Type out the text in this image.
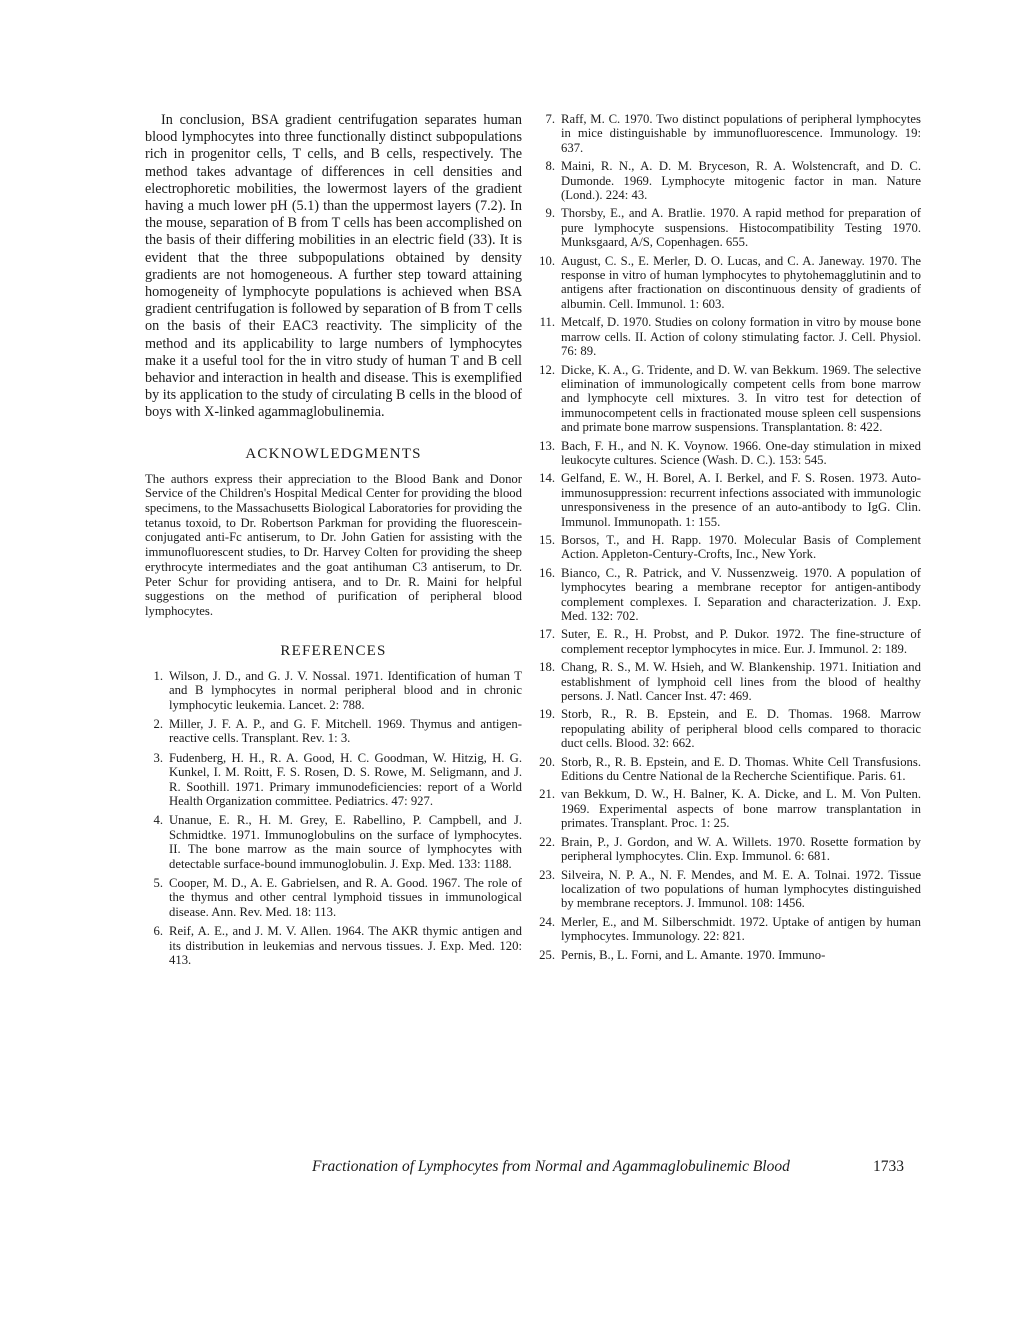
In conclusion, BSA gradient centrifugation separates human blood lymphocytes into three functionally distinct subpopulations rich in progenitor cells, T cells, and B cells, respectively. The method takes advantage of differences in cell densities and electrophoretic mobilities, the lowermost layers of the gradient having a much lower pH (5.1) than the uppermost layers (7.2). In the mouse, separation of B from T cells has been accomplished on the basis of their differing mobilities in an electric field (33). It is evident that the three subpopulations obtained by density gradients are not homogeneous. A further step toward attaining homogeneity of lymphocyte populations is achieved when BSA gradient centrifugation is followed by separation of B from T cells on the basis of their EAC3 reactivity. The simplicity of the method and its applicability to large numbers of lymphocytes make it a useful tool for the in vitro study of human T and B cell behavior and interaction in health and disease. This is exemplified by its application to the study of circulating B cells in the blood of boys with X-linked agammaglobulinemia.

ACKNOWLEDGMENTS

The authors express their appreciation to the Blood Bank and Donor Service of the Children's Hospital Medical Center for providing the blood specimens, to the Massachusetts Biological Laboratories for providing the tetanus toxoid, to Dr. Robertson Parkman for providing the fluorescein-conjugated anti-Fc antiserum, to Dr. John Gatien for assisting with the immunofluorescent studies, to Dr. Harvey Colten for providing the sheep erythrocyte intermediates and the goat antihuman C3 antiserum, to Dr. Peter Schur for providing antisera, and to Dr. R. Maini for helpful suggestions on the method of purification of peripheral blood lymphocytes.

REFERENCES
1. Wilson, J. D., and G. J. V. Nossal. 1971. Identification of human T and B lymphocytes in normal peripheral blood and in chronic lymphocytic leukemia. Lancet. 2: 788.
2. Miller, J. F. A. P., and G. F. Mitchell. 1969. Thymus and antigen-reactive cells. Transplant. Rev. 1: 3.
3. Fudenberg, H. H., R. A. Good, H. C. Goodman, W. Hitzig, H. G. Kunkel, I. M. Roitt, F. S. Rosen, D. S. Rowe, M. Seligmann, and J. R. Soothill. 1971. Primary immunodeficiencies: report of a World Health Organization committee. Pediatrics. 47: 927.
4. Unanue, E. R., H. M. Grey, E. Rabellino, P. Campbell, and J. Schmidtke. 1971. Immunoglobulins on the surface of lymphocytes. II. The bone marrow as the main source of lymphocytes with detectable surface-bound immunoglobulin. J. Exp. Med. 133: 1188.
5. Cooper, M. D., A. E. Gabrielsen, and R. A. Good. 1967. The role of the thymus and other central lymphoid tissues in immunological disease. Ann. Rev. Med. 18: 113.
6. Reif, A. E., and J. M. V. Allen. 1964. The AKR thymic antigen and its distribution in leukemias and nervous tissues. J. Exp. Med. 120: 413.
7. Raff, M. C. 1970. Two distinct populations of peripheral lymphocytes in mice distinguishable by immunofluorescence. Immunology. 19: 637.
8. Maini, R. N., A. D. M. Bryceson, R. A. Wolstencraft, and D. C. Dumonde. 1969. Lymphocyte mitogenic factor in man. Nature (Lond.). 224: 43.
9. Thorsby, E., and A. Bratlie. 1970. A rapid method for preparation of pure lymphocyte suspensions. Histocompatibility Testing 1970. Munksgaard, A/S, Copenhagen. 655.
10. August, C. S., E. Merler, D. O. Lucas, and C. A. Janeway. 1970. The response in vitro of human lymphocytes to phytohemagglutinin and to antigens after fractionation on discontinuous density of gradients of albumin. Cell. Immunol. 1: 603.
11. Metcalf, D. 1970. Studies on colony formation in vitro by mouse bone marrow cells. II. Action of colony stimulating factor. J. Cell. Physiol. 76: 89.
12. Dicke, K. A., G. Tridente, and D. W. van Bekkum. 1969. The selective elimination of immunologically competent cells from bone marrow and lymphocyte cell mixtures. 3. In vitro test for detection of immunocompetent cells in fractionated mouse spleen cell suspensions and primate bone marrow suspensions. Transplantation. 8: 422.
13. Bach, F. H., and N. K. Voynow. 1966. One-day stimulation in mixed leukocyte cultures. Science (Wash. D. C.). 153: 545.
14. Gelfand, E. W., H. Borel, A. I. Berkel, and F. S. Rosen. 1973. Auto-immunosuppression: recurrent infections associated with immunologic unresponsiveness in the presence of an auto-antibody to IgG. Clin. Immunol. Immunopath. 1: 155.
15. Borsos, T., and H. Rapp. 1970. Molecular Basis of Complement Action. Appleton-Century-Crofts, Inc., New York.
16. Bianco, C., R. Patrick, and V. Nussenzweig. 1970. A population of lymphocytes bearing a membrane receptor for antigen-antibody complement complexes. I. Separation and characterization. J. Exp. Med. 132: 702.
17. Suter, E. R., H. Probst, and P. Dukor. 1972. The fine-structure of complement receptor lymphocytes in mice. Eur. J. Immunol. 2: 189.
18. Chang, R. S., M. W. Hsieh, and W. Blankenship. 1971. Initiation and establishment of lymphoid cell lines from the blood of healthy persons. J. Natl. Cancer Inst. 47: 469.
19. Storb, R., R. B. Epstein, and E. D. Thomas. 1968. Marrow repopulating ability of peripheral blood cells compared to thoracic duct cells. Blood. 32: 662.
20. Storb, R., R. B. Epstein, and E. D. Thomas. White Cell Transfusions. Editions du Centre National de la Recherche Scientifique. Paris. 61.
21. van Bekkum, D. W., H. Balner, K. A. Dicke, and L. M. Von Pulten. 1969. Experimental aspects of bone marrow transplantation in primates. Transplant. Proc. 1: 25.
22. Brain, P., J. Gordon, and W. A. Willets. 1970. Rosette formation by peripheral lymphocytes. Clin. Exp. Immunol. 6: 681.
23. Silveira, N. P. A., N. F. Mendes, and M. E. A. Tolnai. 1972. Tissue localization of two populations of human lymphocytes distinguished by membrane receptors. J. Immunol. 108: 1456.
24. Merler, E., and M. Silberschmidt. 1972. Uptake of antigen by human lymphocytes. Immunology. 22: 821.
25. Pernis, B., L. Forni, and L. Amante. 1970. Immuno-
Fractionation of Lymphocytes from Normal and Agammaglobulinemic Blood	1733
